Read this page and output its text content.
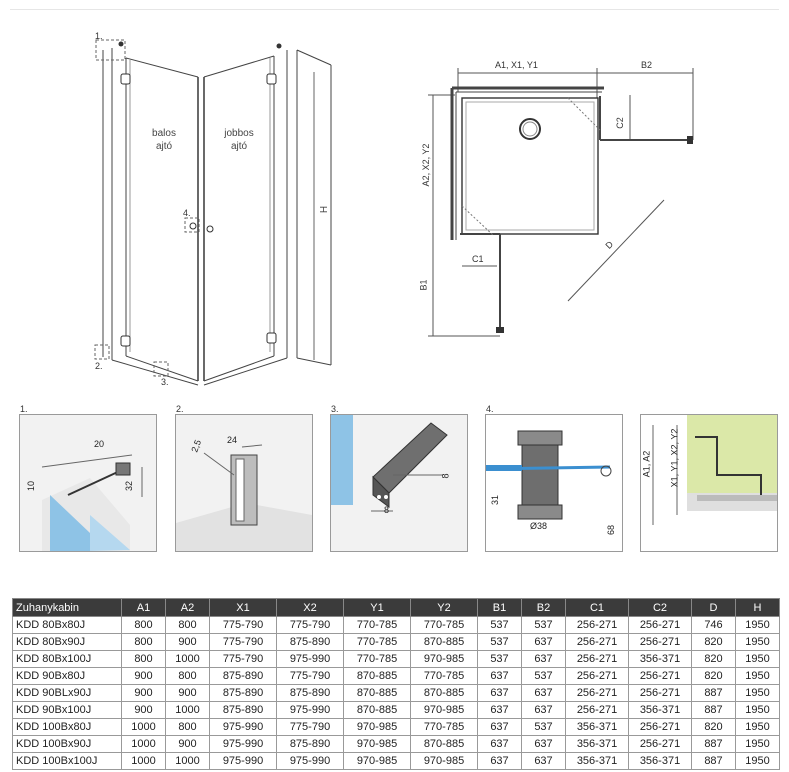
1.
2.
3.
4.
balos
ajtó
jobbos
ajtó
H
A1, X1, Y1	B2
A2, X2, Y2
B1
C1
C2
D
1.	2.	3.	4.
20
10	32
2,5	24
8
8
31
Ø38	68
A1, A2 X1, Y1, X2, Y2
Zuhanykabin	A1	A2	X1	X2	Y1	Y2	B1	B2	C1	C2	D	H
KDD 80Bx80J	800	800	775-790	775-790	770-785	770-785	537	537	256-271	256-271	746	1950
KDD 80Bx90J	800	900	775-790	875-890	770-785	870-885	537	637	256-271	256-271	820	1950
KDD 80Bx100J	800	1000	775-790	975-990	770-785	970-985	537	637	256-271	356-371	820	1950
KDD 90Bx80J	900	800	875-890	775-790	870-885	770-785	637	537	256-271	256-271	820	1950
KDD 90BLx90J	900	900	875-890	875-890	870-885	870-885	637	637	256-271	256-271	887	1950
KDD 90Bx100J	900	1000	875-890	975-990	870-885	970-985	637	637	256-271	356-371	887	1950
KDD 100Bx80J	1000	800	975-990	775-790	970-985	770-785	637	537	356-371	256-271	820	1950
KDD 100Bx90J	1000	900	975-990	875-890	970-985	870-885	637	637	356-371	256-271	887	1950
KDD 100Bx100J	1000	1000	975-990	975-990	970-985	970-985	637	637	356-371	356-371	887	1950
